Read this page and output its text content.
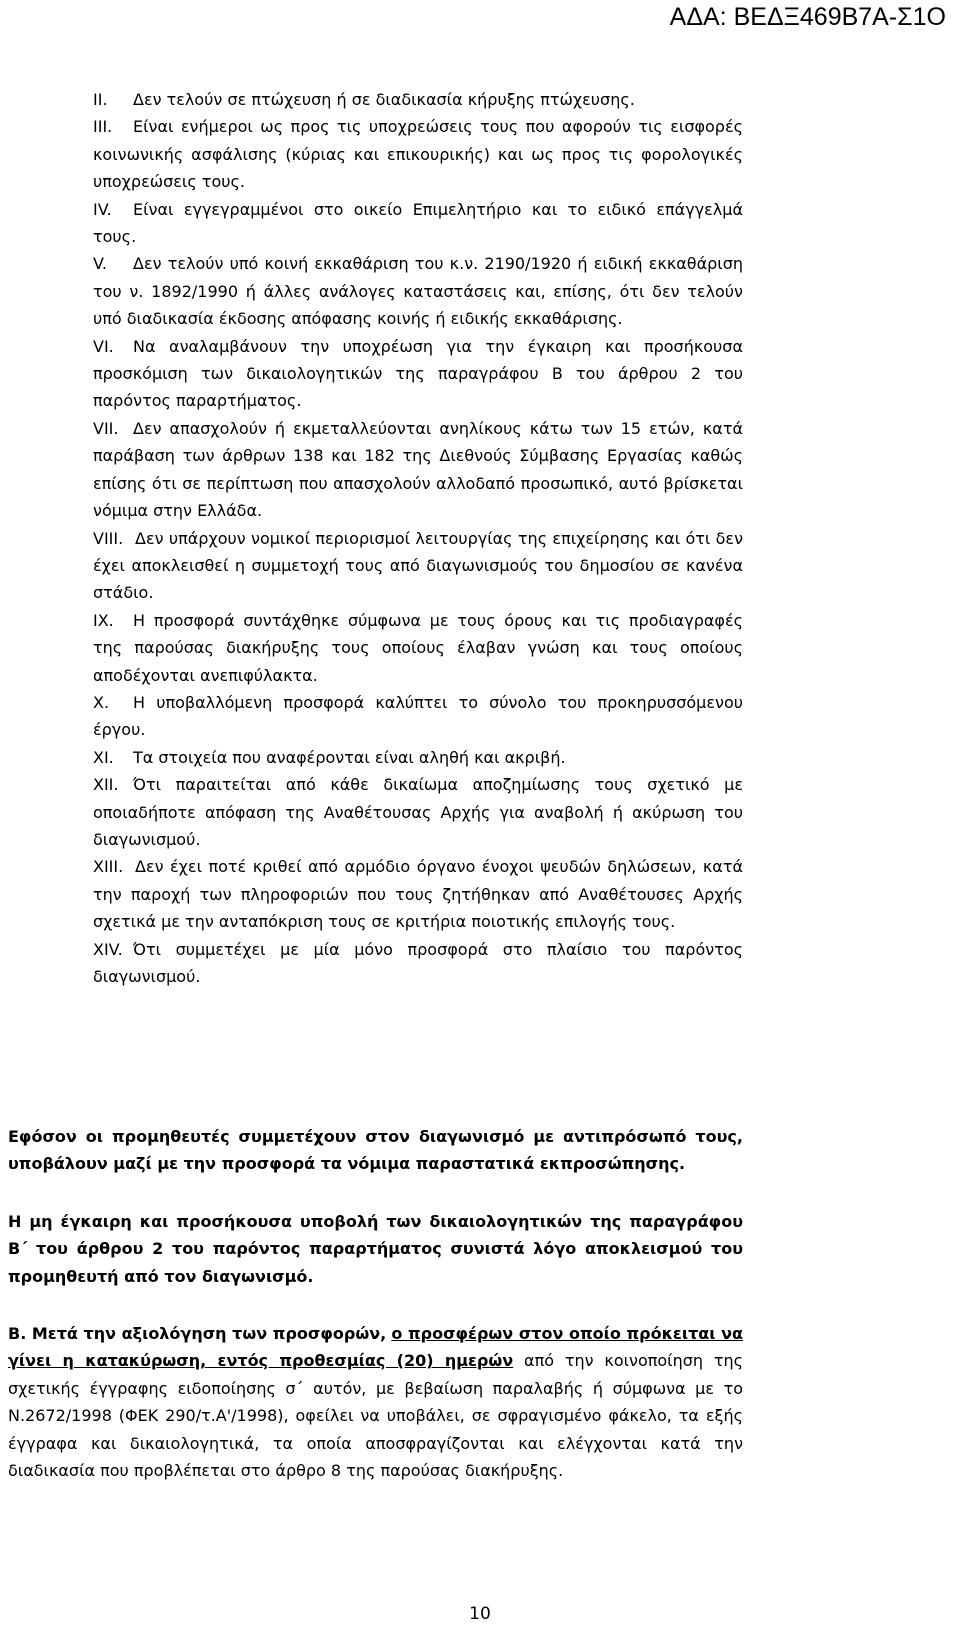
ΑΔΑ: ΒΕΔΞ469Β7Α-Σ1Ο

II. Δεν τελούν σε πτώχευση ή σε διαδικασία κήρυξης πτώχευσης.

III. Είναι ενήμεροι ως προς τις υποχρεώσεις τους που αφορούν τις εισφορές κοινωνικής ασφάλισης (κύριας και επικουρικής) και ως προς τις φορολογικές υποχρεώσεις τους.

IV. Είναι εγγεγραμμένοι στο οικείο Επιμελητήριο και το ειδικό επάγγελμά τους.

V. Δεν τελούν υπό κοινή εκκαθάριση του κ.ν. 2190/1920 ή ειδική εκκαθάριση του ν. 1892/1990 ή άλλες ανάλογες καταστάσεις και, επίσης, ότι δεν τελούν υπό διαδικασία έκδοσης απόφασης κοινής ή ειδικής εκκαθάρισης.

VI. Να αναλαμβάνουν την υποχρέωση για την έγκαιρη και προσήκουσα προσκόμιση των δικαιολογητικών της παραγράφου Β του άρθρου 2 του παρόντος παραρτήματος.

VII. Δεν απασχολούν ή εκμεταλλεύονται ανηλίκους κάτω των 15 ετών, κατά παράβαση των άρθρων 138 και 182 της Διεθνούς Σύμβασης Εργασίας καθώς επίσης ότι σε περίπτωση που απασχολούν αλλοδαπό προσωπικό, αυτό βρίσκεται νόμιμα στην Ελλάδα.

VIII. Δεν υπάρχουν νομικοί περιορισμοί λειτουργίας της επιχείρησης και ότι δεν έχει αποκλεισθεί η συμμετοχή τους από διαγωνισμούς του δημοσίου σε κανένα στάδιο.

IX. Η προσφορά συντάχθηκε σύμφωνα με τους όρους και τις προδιαγραφές της παρούσας διακήρυξης τους οποίους έλαβαν γνώση και τους οποίους αποδέχονται ανεπιφύλακτα.

X. Η υποβαλλόμενη προσφορά καλύπτει το σύνολο του προκηρυσσόμενου έργου.

XI. Τα στοιχεία που αναφέρονται είναι αληθή και ακριβή.

XII. Ότι παραιτείται από κάθε δικαίωμα αποζημίωσης τους σχετικό με οποιαδήποτε απόφαση της Αναθέτουσας Αρχής για αναβολή ή ακύρωση του διαγωνισμού.

XIII. Δεν έχει ποτέ κριθεί από αρμόδιο όργανο ένοχοι ψευδών δηλώσεων, κατά την παροχή των πληροφοριών που τους ζητήθηκαν από Αναθέτουσες Αρχής σχετικά με την ανταπόκριση τους σε κριτήρια ποιοτικής επιλογής τους.

XIV. Ότι συμμετέχει με μία μόνο προσφορά στο πλαίσιο του παρόντος διαγωνισμού.

Εφόσον οι προμηθευτές συμμετέχουν στον διαγωνισμό με αντιπρόσωπό τους, υποβάλουν μαζί με την προσφορά τα νόμιμα παραστατικά εκπροσώπησης.

Η μη έγκαιρη και προσήκουσα υποβολή των δικαιολογητικών της παραγράφου Β΄ του άρθρου 2 του παρόντος παραρτήματος συνιστά λόγο αποκλεισμού του προμηθευτή από τον διαγωνισμό.

Β. Μετά την αξιολόγηση των προσφορών, ο προσφέρων στον οποίο πρόκειται να γίνει η κατακύρωση, εντός προθεσμίας (20) ημερών από την κοινοποίηση της σχετικής έγγραφης ειδοποίησης σ΄ αυτόν, με βεβαίωση παραλαβής ή σύμφωνα με το Ν.2672/1998 (ΦΕΚ 290/τ.Α'/1998), οφείλει να υποβάλει, σε σφραγισμένο φάκελο, τα εξής έγγραφα και δικαιολογητικά, τα οποία αποσφραγίζονται και ελέγχονται κατά την διαδικασία που προβλέπεται στο άρθρο 8 της παρούσας διακήρυξης.

10
